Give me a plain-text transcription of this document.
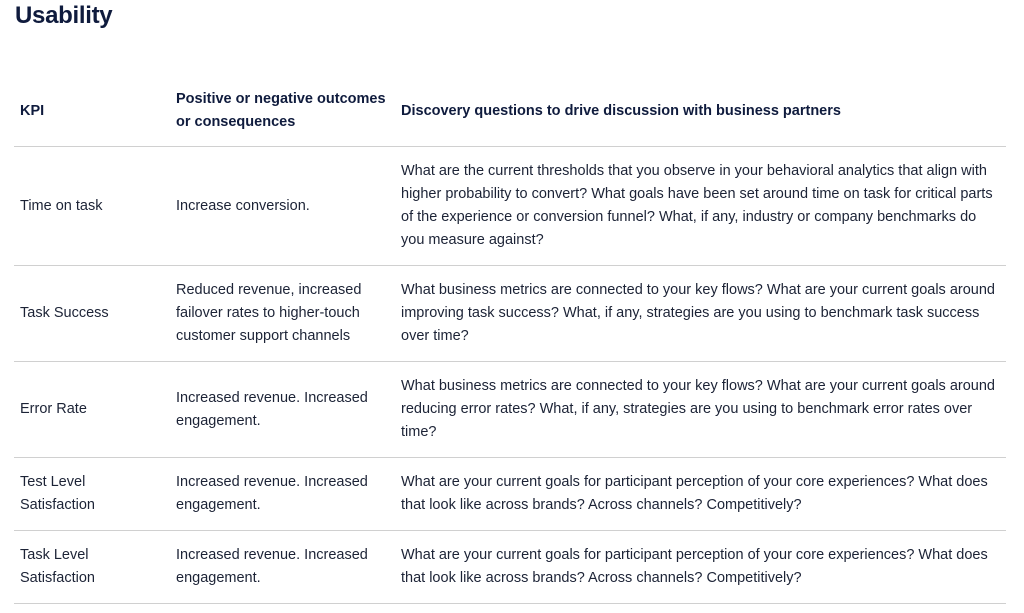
Usability
KPI	Positive or negative outcomes or consequences	Discovery questions to drive discussion with business partners
Time on task	Increase conversion.	What are the current thresholds that you observe in your behavioral analytics that align with higher probability to convert? What goals have been set around time on task for critical parts of the experience or conversion funnel? What, if any, industry or company benchmarks do you measure against?
Task Success	Reduced revenue, increased failover rates to higher-touch customer support channels	What business metrics are connected to your key flows? What are your current goals around improving task success? What, if any, strategies are you using to benchmark task success over time?
Error Rate	Increased revenue. Increased engagement.	What business metrics are connected to your key flows? What are your current goals around reducing error rates? What, if any, strategies are you using to benchmark error rates over time?
Test Level Satisfaction	Increased revenue. Increased engagement.	What are your current goals for participant perception of your core experiences? What does that look like across brands? Across channels? Competitively?
Task Level Satisfaction	Increased revenue. Increased engagement.	What are your current goals for participant perception of your core experiences? What does that look like across brands? Across channels? Competitively?
